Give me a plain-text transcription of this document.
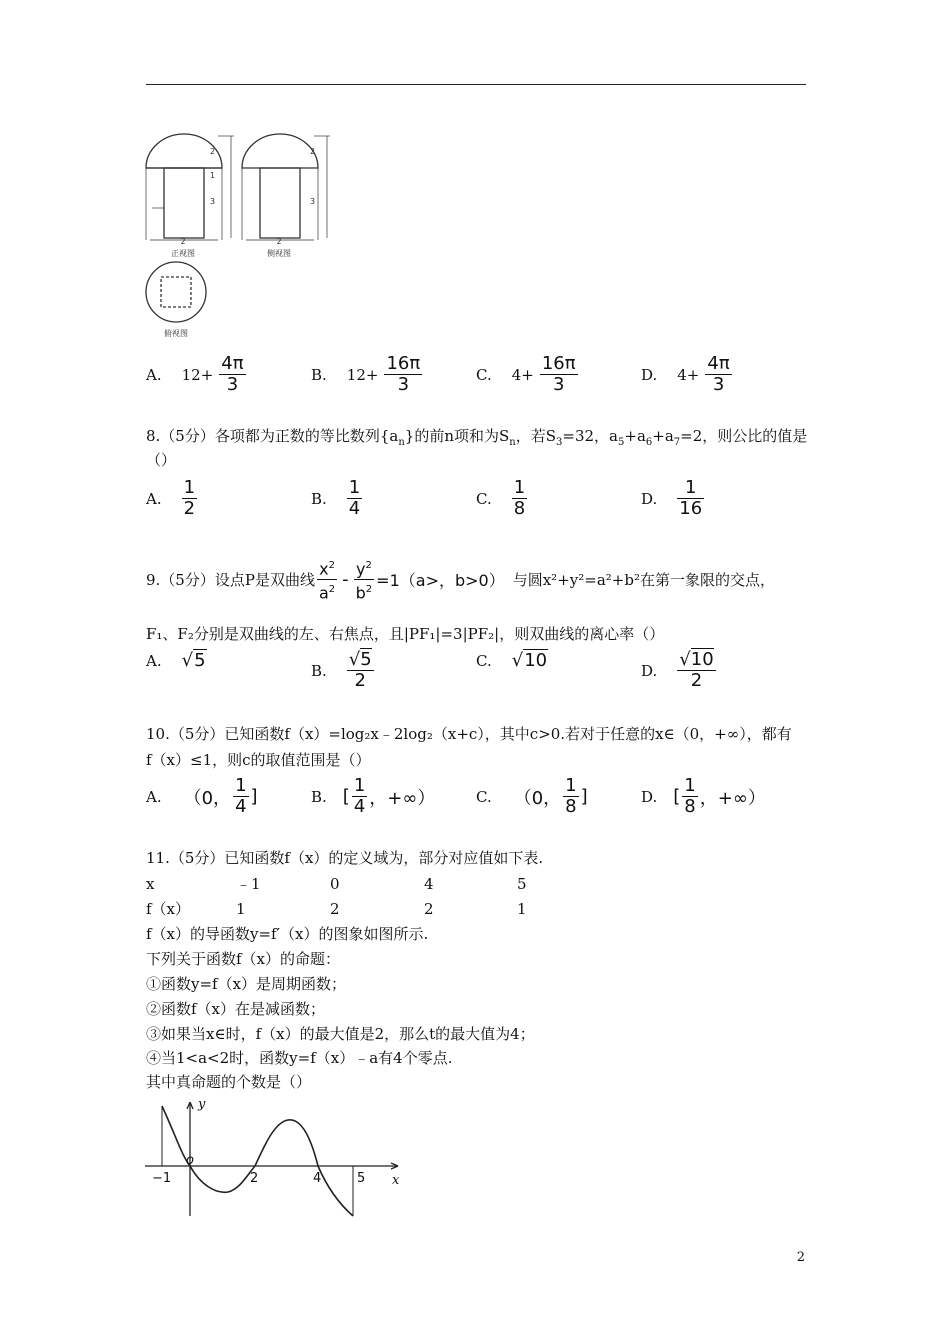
2	2
2
1
3
2
3
正视图	侧视图
俯视图
A. $12+ \frac{4\pi}{3}$	B. $12+ \frac{16\pi}{3}$	C. $4+ \frac{16\pi}{3}$	D. $4+ \frac{4\pi}{3}$
8.（5分）各项都为正数的等比数列$\{a_n\}$的前n项和为$S_n$，若$S_3=32$，$a_5+a_6+a_7=2$，则公比的值是
（）
A. $\frac{1}{2}$	B. $\frac{1}{4}$	C. $\frac{1}{8}$	D. $\frac{1}{16}$
9.（5分）设点P是双曲线 $\frac{x^2}{a^2} - \frac{y^2}{b^2} =1(a>$，b>0） 与圆x²+y²=a²+b²在第一象限的交点，
F₁、F₂分别是双曲线的左、右焦点，且|PF₁|=3|PF₂|，则双曲线的离心率（）
A. √5	B. $\frac{√5}{2}$	C. √10	D. $\frac{√10}{2}$
10.（5分）已知函数f（x）=log₂x﹣2log₂（x+c），其中c>0.若对于任意的x∈（0，+∞），都有
f（x）≤1，则c的取值范围是（）
A. （0， $\frac{1}{4}$ ]	B. [ $\frac{1}{4}$ ，+∞）	C. （0， $\frac{1}{8}$ ]	D. [ $\frac{1}{8}$ ，+∞）
11.（5分）已知函数f（x）的定义域为，部分对应值如下表.
x	﹣1	0	4	5
f（x）	1	2	2	1
f（x）的导函数y=f′（x）的图象如图所示.
下列关于函数f（x）的命题：
①函数y=f（x）是周期函数；
②函数f（x）在是减函数；
③如果当x∈时，f（x）的最大值是2，那么t的最大值为4；
④当1<a<2时，函数y=f（x）﹣a有4个零点.
其中真命题的个数是（）
y
x
−1
o
2	4	5
2
